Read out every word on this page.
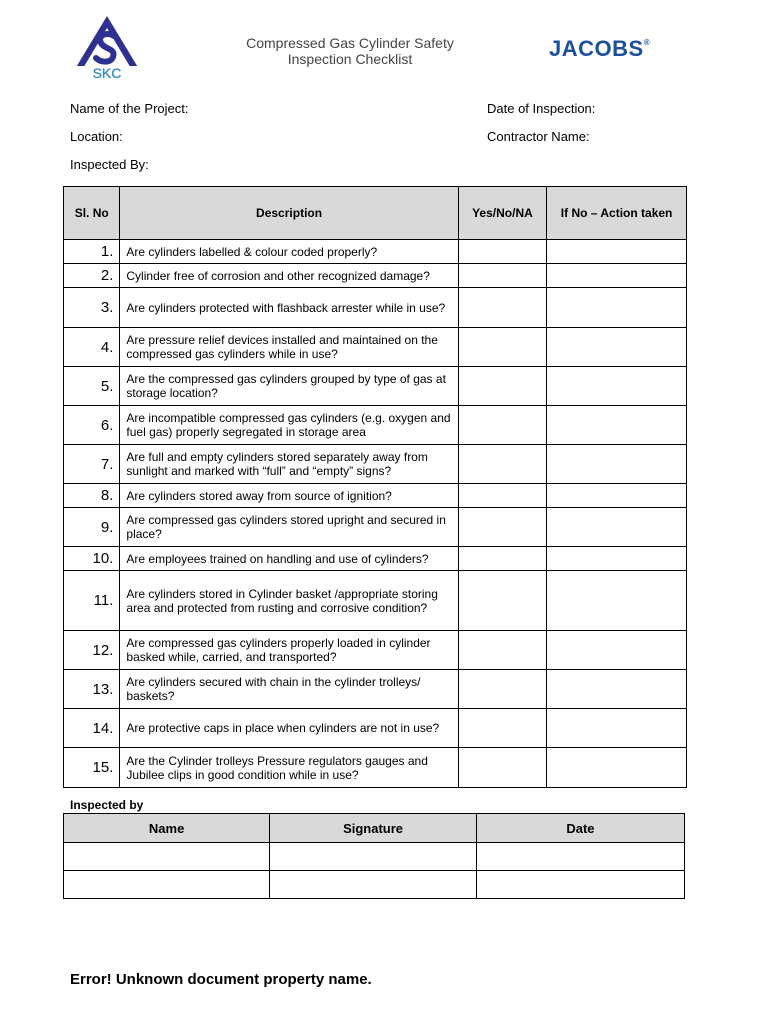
SKC
Compressed Gas Cylinder Safety
Inspection Checklist	JACOBS®
Name of the Project:	Date of Inspection:
Location:	Contractor Name:
Inspected By:
Sl. No	Description	Yes/No/NA	If No – Action taken
1.	Are cylinders labelled & colour coded properly?		
2.	Cylinder free of corrosion and other recognized damage?		
3.	Are cylinders protected with flashback arrester while in use?		
4.	Are pressure relief devices installed and maintained on the compressed gas cylinders while in use?		
5.	Are the compressed gas cylinders grouped by type of gas at storage location?		
6.	Are incompatible compressed gas cylinders (e.g. oxygen and fuel gas) properly segregated in storage area		
7.	Are full and empty cylinders stored separately away from sunlight and marked with “full” and “empty” signs?		
8.	Are cylinders stored away from source of ignition?		
9.	Are compressed gas cylinders stored upright and secured in place?		
10.	Are employees trained on handling and use of cylinders?		
11.	Are cylinders stored in Cylinder basket /appropriate storing area and protected from rusting and corrosive condition?		
12.	Are compressed gas cylinders properly loaded in cylinder basked while, carried, and transported?		
13.	Are cylinders secured with chain in the cylinder trolleys/ baskets?		
14.	Are protective caps in place when cylinders are not in use?		
15.	Are the Cylinder trolleys Pressure regulators gauges and Jubilee clips in good condition while in use?		
Inspected by
Name	Signature	Date

Error! Unknown document property name.
